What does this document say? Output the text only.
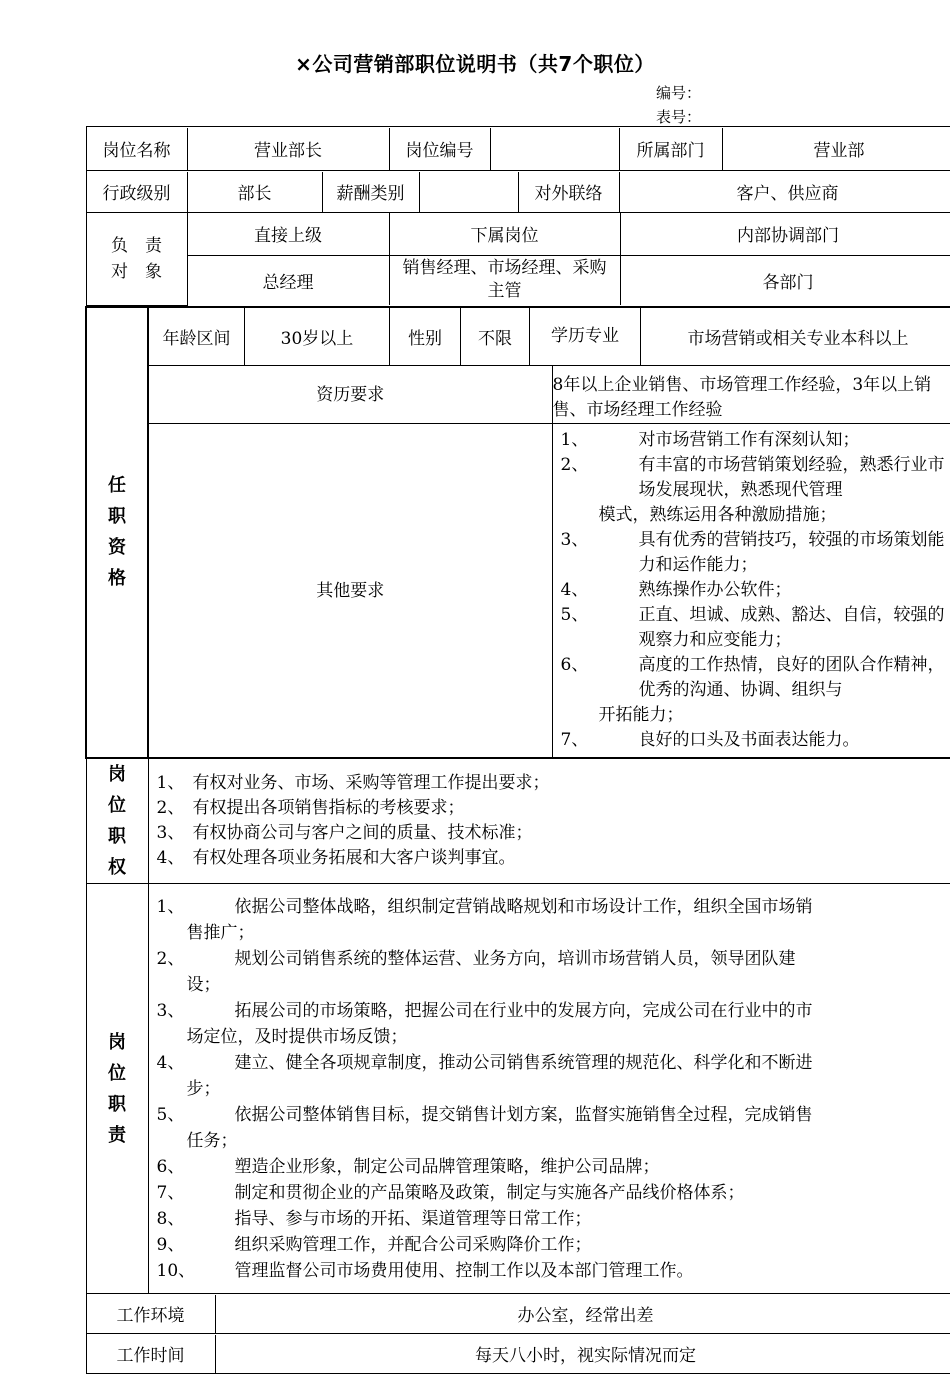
×公司营销部职位说明书（共7个职位）
编号：
表号：
岗位名称	营业部长	岗位编号		所属部门	营业部

行政级别	部长	薪酬类别		对外联络	客户、供应商

负　责
对　象
	直接上级	下属岗位	内部协调部门
总经理	销售经理、市场经理、采购主管	各部门

任
职
资
格

年龄区间	30岁以上	性别	不限	学历专业	市场营销或相关专业本科以上

资历要求	8年以上企业销售、市场管理工作经验，3年以上销售、市场经理工作经验
其他要求	
1、	对市场营销工作有深刻认知；
2、	有丰富的市场营销策划经验，熟悉行业市场发展现状，熟悉现代管理
模式，熟练运用各种激励措施；
3、	具有优秀的营销技巧，较强的市场策划能力和运作能力；
4、	熟练操作办公软件；
5、	正直、坦诚、成熟、豁达、自信，较强的观察力和应变能力；
6、	高度的工作热情，良好的团队合作精神，优秀的沟通、协调、组织与
开拓能力；
7、	良好的口头及书面表达能力。

岗
位
职
权

1、 有权对业务、市场、采购等管理工作提出要求；
2、 有权提出各项销售指标的考核要求；
3、 有权协商公司与客户之间的质量、技术标准；
4、 有权处理各项业务拓展和大客户谈判事宜。

岗
位
职
责

1、	依据公司整体战略，组织制定营销战略规划和市场设计工作，组织全国市场销
售推广；
2、	规划公司销售系统的整体运营、业务方向，培训市场营销人员，领导团队建
设；
3、	拓展公司的市场策略，把握公司在行业中的发展方向，完成公司在行业中的市
场定位，及时提供市场反馈；
4、	建立、健全各项规章制度，推动公司销售系统管理的规范化、科学化和不断进
步；
5、	依据公司整体销售目标，提交销售计划方案，监督实施销售全过程，完成销售
任务；
6、	塑造企业形象，制定公司品牌管理策略，维护公司品牌；
7、	制定和贯彻企业的产品策略及政策，制定与实施各产品线价格体系；
8、	指导、参与市场的开拓、渠道管理等日常工作；
9、	组织采购管理工作，并配合公司采购降价工作；
10、	管理监督公司市场费用使用、控制工作以及本部门管理工作。

工作环境	办公室，经常出差

工作时间	每天八小时，视实际情况而定
